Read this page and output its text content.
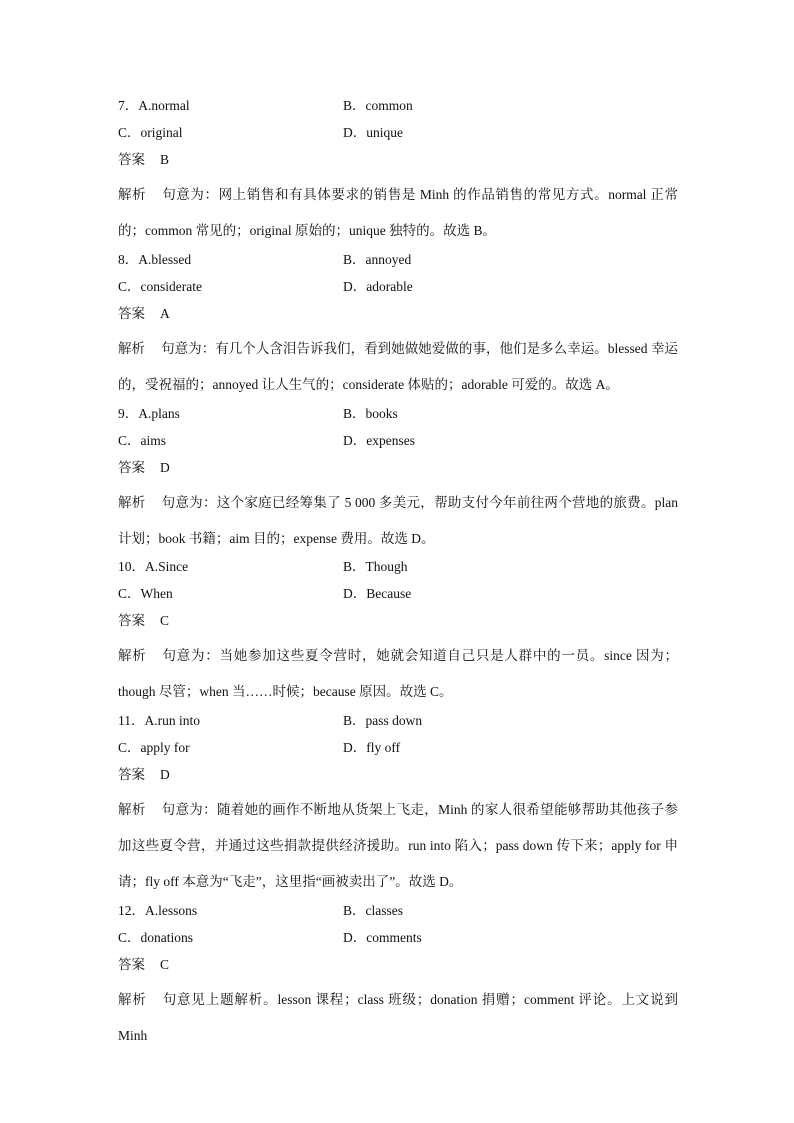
7．A.normal	B．common
C．original	D．unique
答案 B
解析 句意为：网上销售和有具体要求的销售是 Minh 的作品销售的常见方式。normal 正常的；common 常见的；original 原始的；unique 独特的。故选 B。
8．A.blessed	B．annoyed
C．considerate	D．adorable
答案 A
解析 句意为：有几个人含泪告诉我们，看到她做她爱做的事，他们是多么幸运。blessed 幸运的，受祝福的；annoyed 让人生气的；considerate 体贴的；adorable 可爱的。故选 A。
9．A.plans	B．books
C．aims	D．expenses
答案 D
解析 句意为：这个家庭已经筹集了 5 000 多美元，帮助支付今年前往两个营地的旅费。plan 计划；book 书籍；aim 目的；expense 费用。故选 D。
10．A.Since	B．Though
C．When	D．Because
答案 C
解析 句意为：当她参加这些夏令营时，她就会知道自己只是人群中的一员。since 因为；though 尽管；when 当……时候；because 原因。故选 C。
11．A.run into	B．pass down
C．apply for	D．fly off
答案 D
解析 句意为：随着她的画作不断地从货架上飞走，Minh 的家人很希望能够帮助其他孩子参加这些夏令营，并通过这些捐款提供经济援助。run into 陷入；pass down 传下来；apply for 申请；fly off 本意为“飞走”，这里指“画被卖出了”。故选 D。
12．A.lessons	B．classes
C．donations	D．comments
答案 C
解析 句意见上题解析。lesson 课程；class 班级；donation 捐赠；comment 评论。上文说到 Minh
